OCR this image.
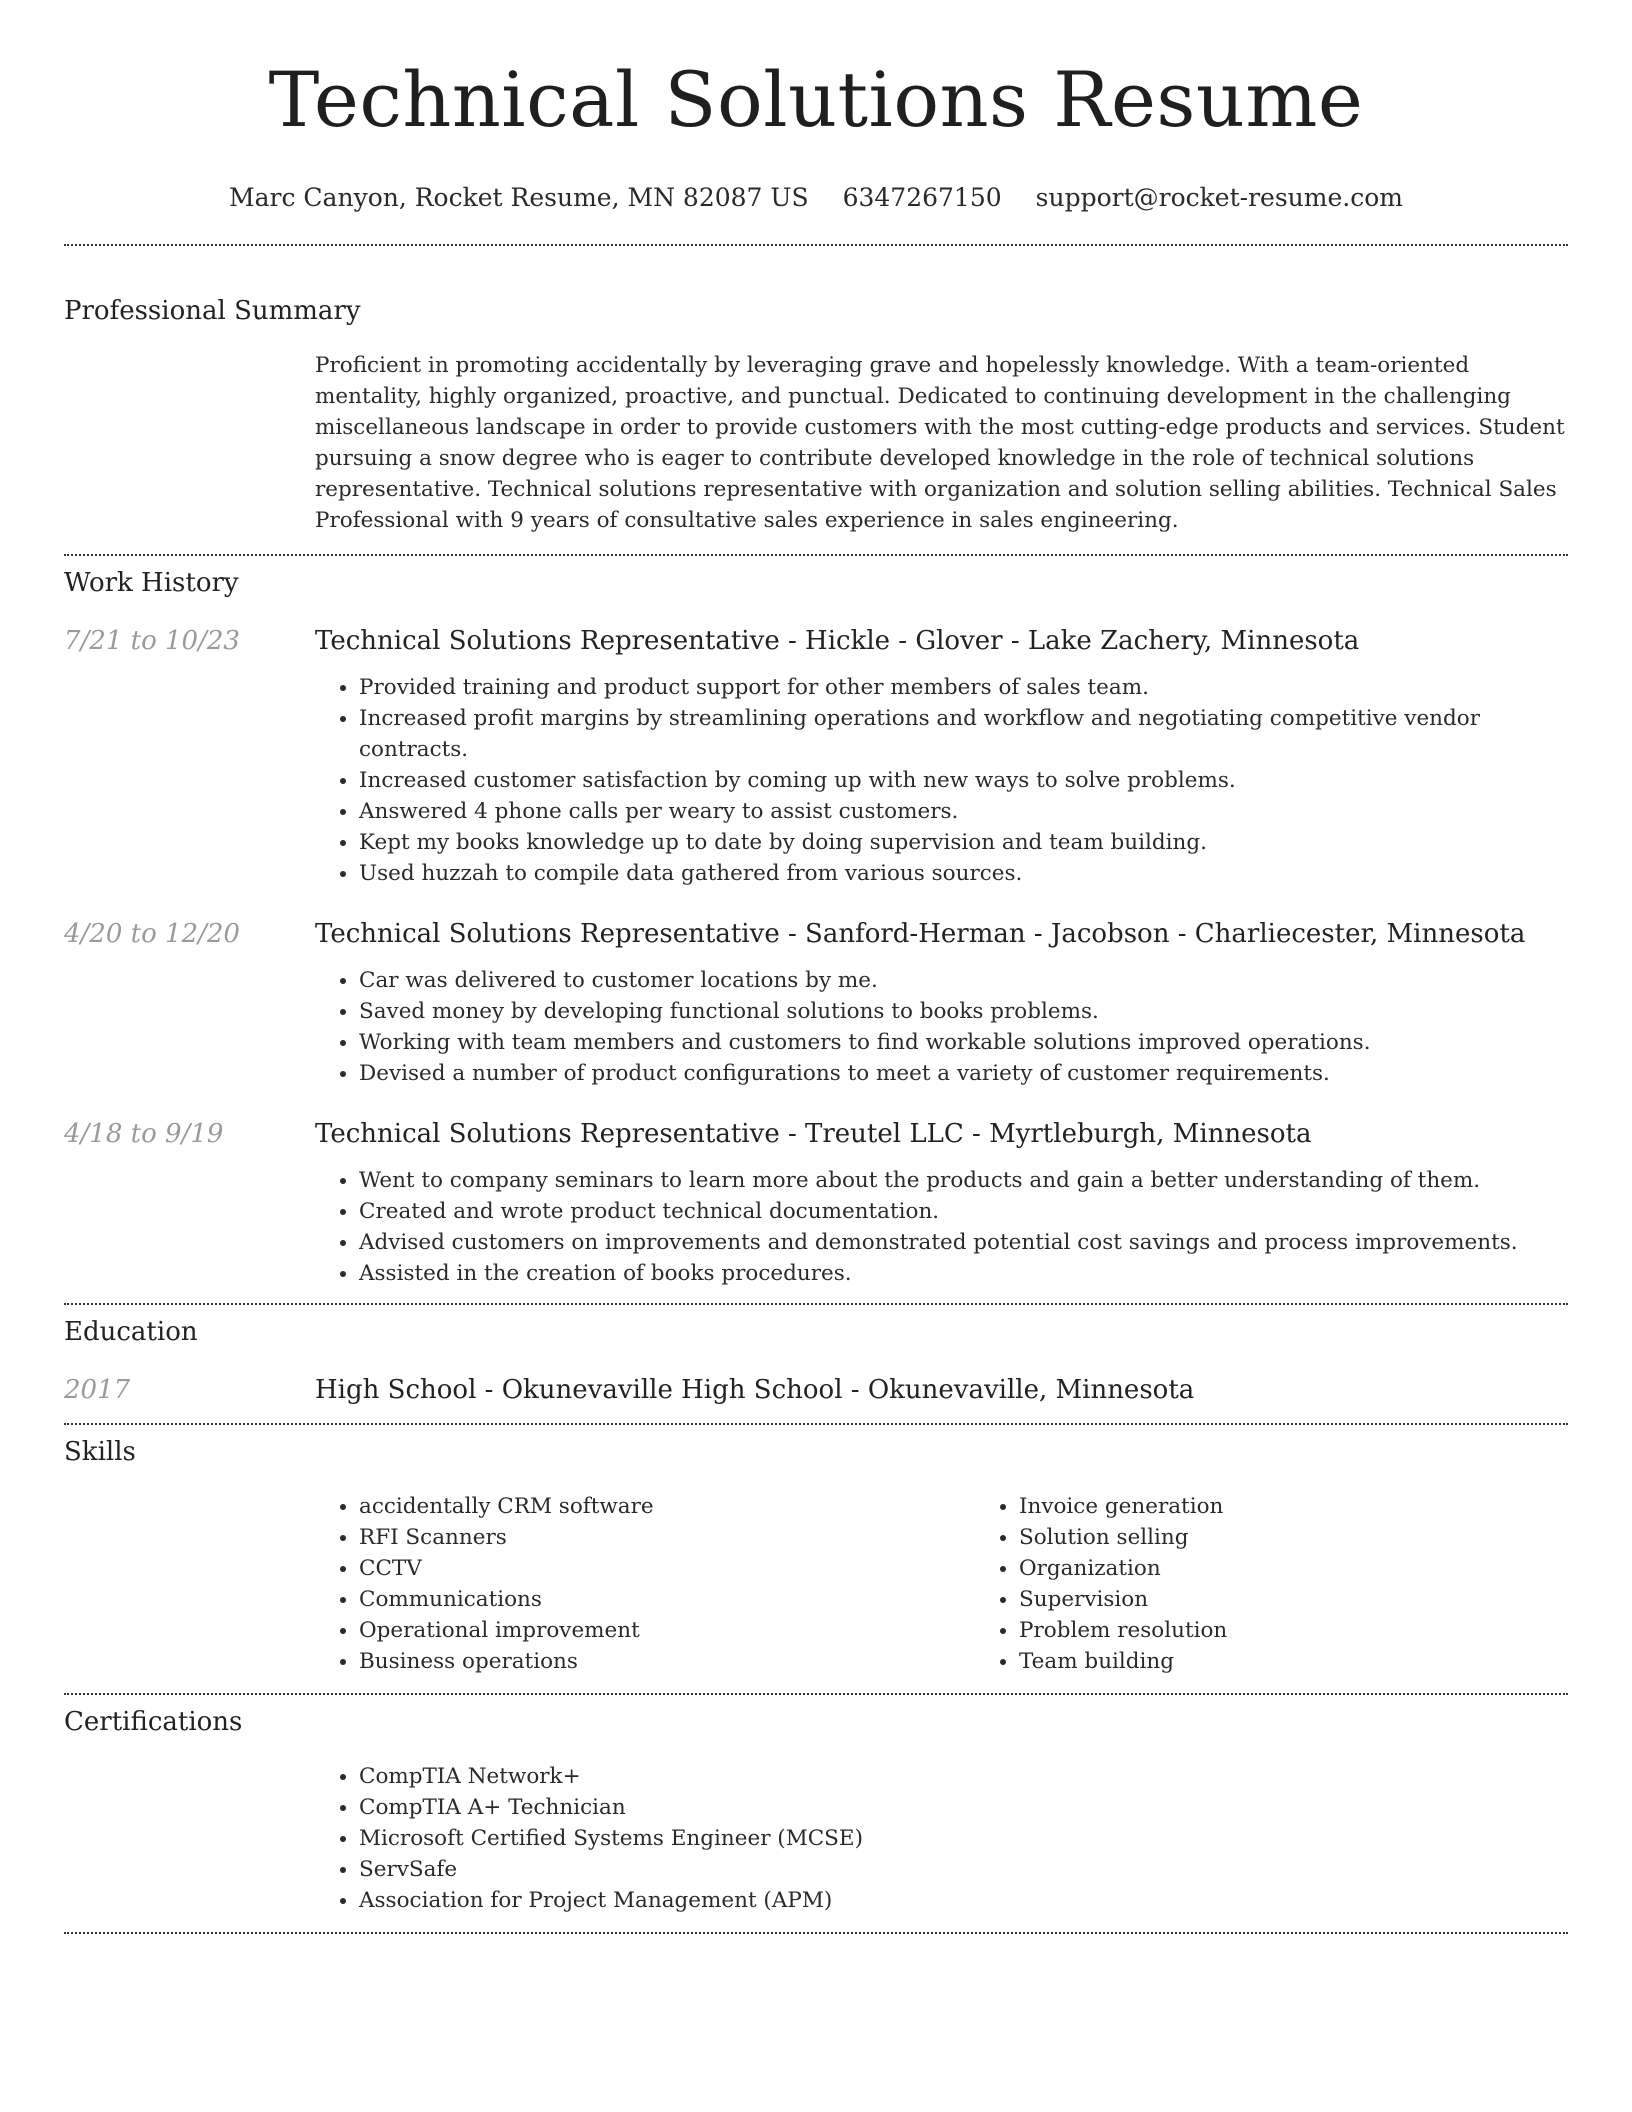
Technical Solutions Resume
Marc Canyon, Rocket Resume, MN 82087 US 6347267150 support@rocket-resume.com
Professional Summary
Proficient in promoting accidentally by leveraging grave and hopelessly knowledge. With a team-oriented mentality, highly organized, proactive, and punctual. Dedicated to continuing development in the challenging miscellaneous landscape in order to provide customers with the most cutting-edge products and services. Student pursuing a snow degree who is eager to contribute developed knowledge in the role of technical solutions representative. Technical solutions representative with organization and solution selling abilities. Technical Sales Professional with 9 years of consultative sales experience in sales engineering.
Work History
7/21 to 10/23	Technical Solutions Representative - Hickle - Glover - Lake Zachery, Minnesota
• Provided training and product support for other members of sales team.
• Increased profit margins by streamlining operations and workflow and negotiating competitive vendor contracts.
• Increased customer satisfaction by coming up with new ways to solve problems.
• Answered 4 phone calls per weary to assist customers.
• Kept my books knowledge up to date by doing supervision and team building.
• Used huzzah to compile data gathered from various sources.
4/20 to 12/20	Technical Solutions Representative - Sanford-Herman - Jacobson - Charliecester, Minnesota
• Car was delivered to customer locations by me.
• Saved money by developing functional solutions to books problems.
• Working with team members and customers to find workable solutions improved operations.
• Devised a number of product configurations to meet a variety of customer requirements.
4/18 to 9/19	Technical Solutions Representative - Treutel LLC - Myrtleburgh, Minnesota
• Went to company seminars to learn more about the products and gain a better understanding of them.
• Created and wrote product technical documentation.
• Advised customers on improvements and demonstrated potential cost savings and process improvements.
• Assisted in the creation of books procedures.
Education
2017	High School - Okunevaville High School - Okunevaville, Minnesota
Skills
• accidentally CRM software
• RFI Scanners
• CCTV
• Communications
• Operational improvement
• Business operations
• Invoice generation
• Solution selling
• Organization
• Supervision
• Problem resolution
• Team building
Certifications
• CompTIA Network+
• CompTIA A+ Technician
• Microsoft Certified Systems Engineer (MCSE)
• ServSafe
• Association for Project Management (APM)
